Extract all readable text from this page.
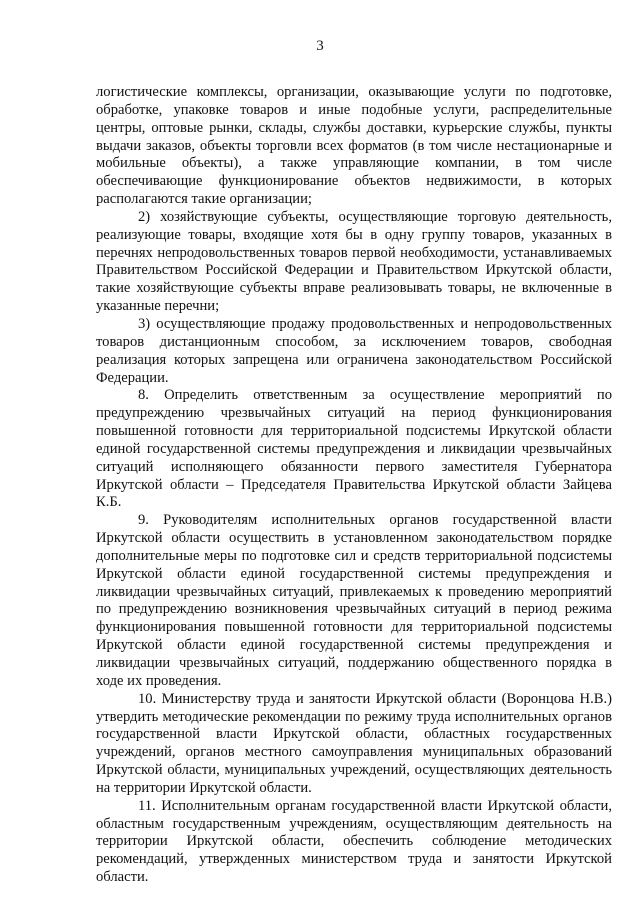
3

логистические комплексы, организации, оказывающие услуги по подготовке, обработке, упаковке товаров и иные подобные услуги, распределительные центры, оптовые рынки, склады, службы доставки, курьерские службы, пункты выдачи заказов, объекты торговли всех форматов (в том числе нестационарные и мобильные объекты), а также управляющие компании, в том числе обеспечивающие функционирование объектов недвижимости, в которых располагаются такие организации;

2) хозяйствующие субъекты, осуществляющие торговую деятельность, реализующие товары, входящие хотя бы в одну группу товаров, указанных в перечнях непродовольственных товаров первой необходимости, устанавливаемых Правительством Российской Федерации и Правительством Иркутской области, такие хозяйствующие субъекты вправе реализовывать товары, не включенные в указанные перечни;

3) осуществляющие продажу продовольственных и непродовольственных товаров дистанционным способом, за исключением товаров, свободная реализация которых запрещена или ограничена законодательством Российской Федерации.

8. Определить ответственным за осуществление мероприятий по предупреждению чрезвычайных ситуаций на период функционирования повышенной готовности для территориальной подсистемы Иркутской области единой государственной системы предупреждения и ликвидации чрезвычайных ситуаций исполняющего обязанности первого заместителя Губернатора Иркутской области – Председателя Правительства Иркутской области Зайцева К.Б.

9. Руководителям исполнительных органов государственной власти Иркутской области осуществить в установленном законодательством порядке дополнительные меры по подготовке сил и средств территориальной подсистемы Иркутской области единой государственной системы предупреждения и ликвидации чрезвычайных ситуаций, привлекаемых к проведению мероприятий по предупреждению возникновения чрезвычайных ситуаций в период режима функционирования повышенной готовности для территориальной подсистемы Иркутской области единой государственной системы предупреждения и ликвидации чрезвычайных ситуаций, поддержанию общественного порядка в ходе их проведения.

10. Министерству труда и занятости Иркутской области (Воронцова Н.В.) утвердить методические рекомендации по режиму труда исполнительных органов государственной власти Иркутской области, областных государственных учреждений, органов местного самоуправления муниципальных образований Иркутской области, муниципальных учреждений, осуществляющих деятельность на территории Иркутской области.

11. Исполнительным органам государственной власти Иркутской области, областным государственным учреждениям, осуществляющим деятельность на территории Иркутской области, обеспечить соблюдение методических рекомендаций, утвержденных министерством труда и занятости Иркутской области.
